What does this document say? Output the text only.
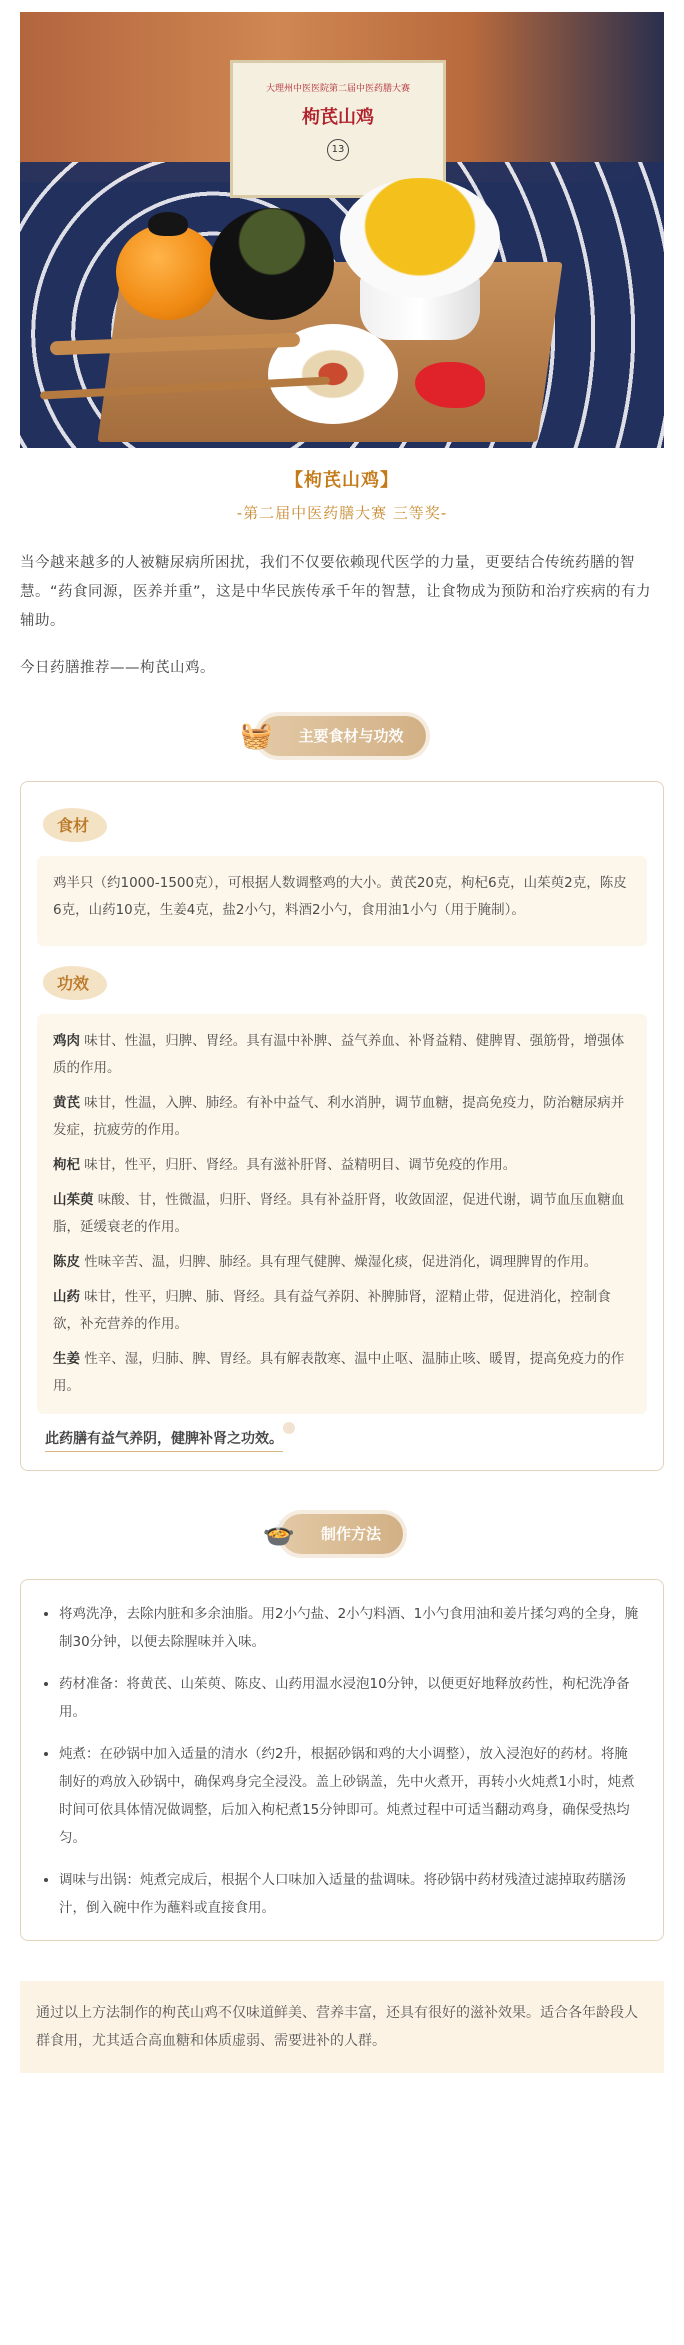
大理州中医医院第二届中医药膳大赛
枸芪山鸡
13
【枸芪山鸡】
-第二届中医药膳大赛 三等奖-

当今越来越多的人被糖尿病所困扰，我们不仅要依赖现代医学的力量，更要结合传统药膳的智慧。“药食同源，医养并重”，这是中华民族传承千年的智慧，让食物成为预防和治疗疾病的有力辅助。

今日药膳推荐——枸芪山鸡。

🧺 主要食材与功效
食材

鸡半只（约1000-1500克），可根据人数调整鸡的大小。黄芪20克，枸杞6克，山茱萸2克，陈皮6克，山药10克，生姜4克，盐2小勺，料酒2小勺，食用油1小勺（用于腌制）。

功效

鸡肉 味甘、性温，归脾、胃经。具有温中补脾、益气养血、补肾益精、健脾胃、强筋骨，增强体质的作用。

黄芪 味甘，性温，入脾、肺经。有补中益气、利水消肿，调节血糖，提高免疫力，防治糖尿病并发症，抗疲劳的作用。

枸杞 味甘，性平，归肝、肾经。具有滋补肝肾、益精明目、调节免疫的作用。

山茱萸 味酸、甘，性微温，归肝、肾经。具有补益肝肾，收敛固涩，促进代谢，调节血压血糖血脂，延缓衰老的作用。

陈皮 性味辛苦、温，归脾、肺经。具有理气健脾、燥湿化痰，促进消化，调理脾胃的作用。

山药 味甘，性平，归脾、肺、肾经。具有益气养阴、补脾肺肾，涩精止带，促进消化，控制食欲，补充营养的作用。

生姜 性辛、湿，归肺、脾、胃经。具有解表散寒、温中止呕、温肺止咳、暖胃，提高免疫力的作用。

此药膳有益气养阴，健脾补肾之功效。
🍲 制作方法
• 将鸡洗净，去除内脏和多余油脂。用2小勺盐、2小勺料酒、1小勺食用油和姜片揉匀鸡的全身，腌制30分钟，以便去除腥味并入味。
• 药材准备：将黄芪、山茱萸、陈皮、山药用温水浸泡10分钟，以便更好地释放药性，枸杞洗净备用。
• 炖煮：在砂锅中加入适量的清水（约2升，根据砂锅和鸡的大小调整），放入浸泡好的药材。将腌制好的鸡放入砂锅中，确保鸡身完全浸没。盖上砂锅盖，先中火煮开，再转小火炖煮1小时，炖煮时间可依具体情况做调整，后加入枸杞煮15分钟即可。炖煮过程中可适当翻动鸡身，确保受热均匀。
• 调味与出锅：炖煮完成后，根据个人口味加入适量的盐调味。将砂锅中药材残渣过滤掉取药膳汤汁，倒入碗中作为蘸料或直接食用。
通过以上方法制作的枸芪山鸡不仅味道鲜美、营养丰富，还具有很好的滋补效果。适合各年龄段人群食用，尤其适合高血糖和体质虚弱、需要进补的人群。
